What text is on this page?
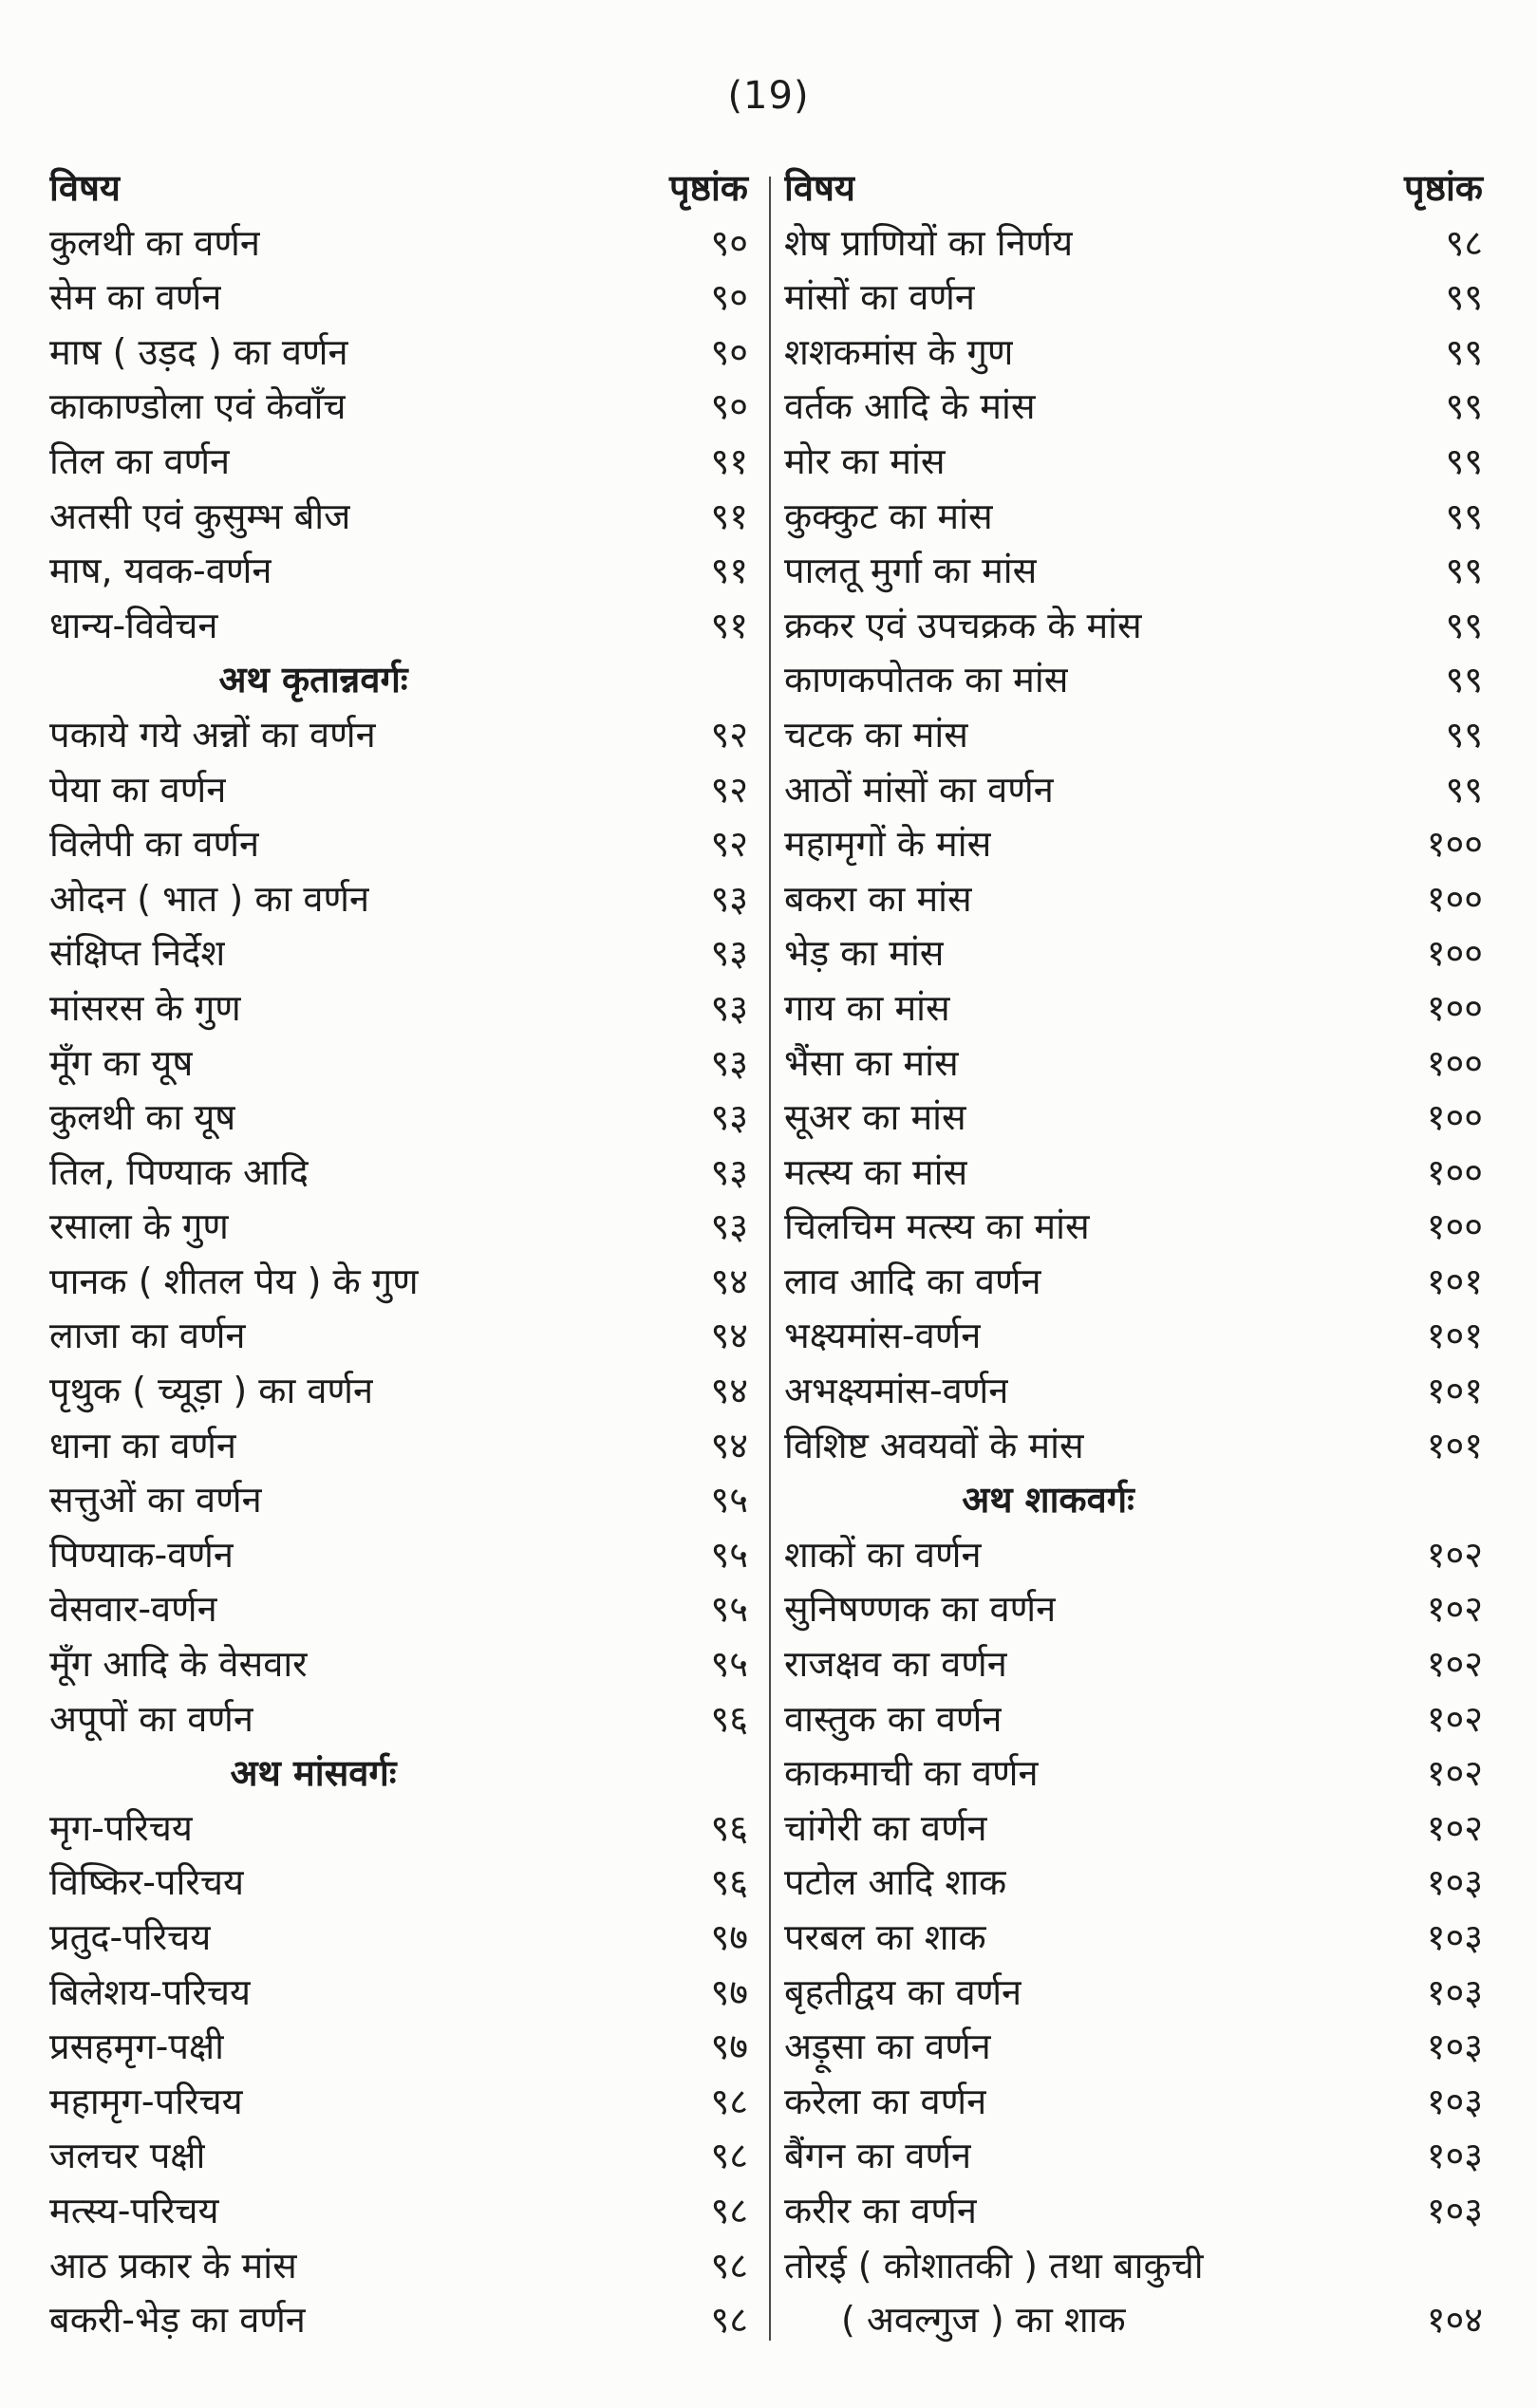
(19)
विषय	पृष्ठांक
कुलथी का वर्णन	९०
सेम का वर्णन	९०
माष ( उड़द ) का वर्णन	९०
काकाण्डोला एवं केवाँच	९०
तिल का वर्णन	९१
अतसी एवं कुसुम्भ बीज	९१
माष, यवक-वर्णन	९१
धान्य-विवेचन	९१
अथ कृतान्नवर्गः
पकाये गये अन्नों का वर्णन	९२
पेया का वर्णन	९२
विलेपी का वर्णन	९२
ओदन ( भात ) का वर्णन	९३
संक्षिप्त निर्देश	९३
मांसरस के गुण	९३
मूँग का यूष	९३
कुलथी का यूष	९३
तिल, पिण्याक आदि	९३
रसाला के गुण	९३
पानक ( शीतल पेय ) के गुण	९४
लाजा का वर्णन	९४
पृथुक ( च्यूड़ा ) का वर्णन	९४
धाना का वर्णन	९४
सत्तुओं का वर्णन	९५
पिण्याक-वर्णन	९५
वेसवार-वर्णन	९५
मूँग आदि के वेसवार	९५
अपूपों का वर्णन	९६
अथ मांसवर्गः
मृग-परिचय	९६
विष्किर-परिचय	९६
प्रतुद-परिचय	९७
बिलेशय-परिचय	९७
प्रसहमृग-पक्षी	९७
महामृग-परिचय	९८
जलचर पक्षी	९८
मत्स्य-परिचय	९८
आठ प्रकार के मांस	९८
बकरी-भेड़ का वर्णन	९८
विषय	पृष्ठांक
शेष प्राणियों का निर्णय	९८
मांसों का वर्णन	९९
शशकमांस के गुण	९९
वर्तक आदि के मांस	९९
मोर का मांस	९९
कुक्कुट का मांस	९९
पालतू मुर्गा का मांस	९९
क्रकर एवं उपचक्रक के मांस	९९
काणकपोतक का मांस	९९
चटक का मांस	९९
आठों मांसों का वर्णन	९९
महामृगों के मांस	१००
बकरा का मांस	१००
भेड़ का मांस	१००
गाय का मांस	१००
भैंसा का मांस	१००
सूअर का मांस	१००
मत्स्य का मांस	१००
चिलचिम मत्स्य का मांस	१००
लाव आदि का वर्णन	१०१
भक्ष्यमांस-वर्णन	१०१
अभक्ष्यमांस-वर्णन	१०१
विशिष्ट अवयवों के मांस	१०१
अथ शाकवर्गः
शाकों का वर्णन	१०२
सुनिषण्णक का वर्णन	१०२
राजक्षव का वर्णन	१०२
वास्तुक का वर्णन	१०२
काकमाची का वर्णन	१०२
चांगेरी का वर्णन	१०२
पटोल आदि शाक	१०३
परबल का शाक	१०३
बृहतीद्वय का वर्णन	१०३
अड़ूसा का वर्णन	१०३
करेला का वर्णन	१०३
बैंगन का वर्णन	१०३
करीर का वर्णन	१०३
तोरई ( कोशातकी ) तथा बाकुची
( अवल्गुज ) का शाक	१०४
